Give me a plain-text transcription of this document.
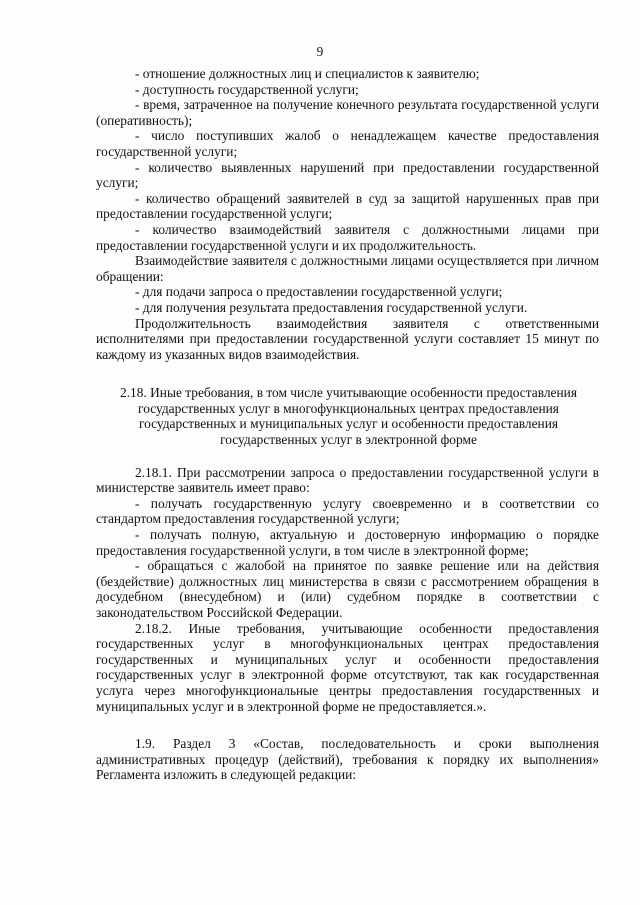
9

- отношение должностных лиц и специалистов к заявителю;

- доступность государственной услуги;

- время, затраченное на получение конечного результата государственной услуги (оперативность);

- число поступивших жалоб о ненадлежащем качестве предоставления государственной услуги;

- количество выявленных нарушений при предоставлении государственной услуги;

- количество обращений заявителей в суд за защитой нарушенных прав при предоставлении государственной услуги;

- количество взаимодействий заявителя с должностными лицами при предоставлении государственной услуги и их продолжительность.

Взаимодействие заявителя с должностными лицами осуществляется при личном обращении:

- для подачи запроса о предоставлении государственной услуги;

- для получения результата предоставления государственной услуги.

Продолжительность взаимодействия заявителя с ответственными исполнителями при предоставлении государственной услуги составляет 15 минут по каждому из указанных видов взаимодействия.

2.18. Иные требования, в том числе учитывающие особенности предоставления государственных услуг в многофункциональных центрах предоставления государственных и муниципальных услуг и особенности предоставления государственных услуг в электронной форме

2.18.1. При рассмотрении запроса о предоставлении государственной услуги в министерстве заявитель имеет право:

- получать государственную услугу своевременно и в соответствии со стандартом предоставления государственной услуги;

- получать полную, актуальную и достоверную информацию о порядке предоставления государственной услуги, в том числе в электронной форме;

- обращаться с жалобой на принятое по заявке решение или на действия (бездействие) должностных лиц министерства в связи с рассмотрением обращения в досудебном (внесудебном) и (или) судебном порядке в соответствии с законодательством Российской Федерации.

2.18.2. Иные требования, учитывающие особенности предоставления государственных услуг в многофункциональных центрах предоставления государственных и муниципальных услуг и особенности предоставления государственных услуг в электронной форме отсутствуют, так как государственная услуга через многофункциональные центры предоставления государственных и муниципальных услуг и в электронной форме не предоставляется.».

1.9. Раздел 3 «Состав, последовательность и сроки выполнения административных процедур (действий), требования к порядку их выполнения» Регламента изложить в следующей редакции:
